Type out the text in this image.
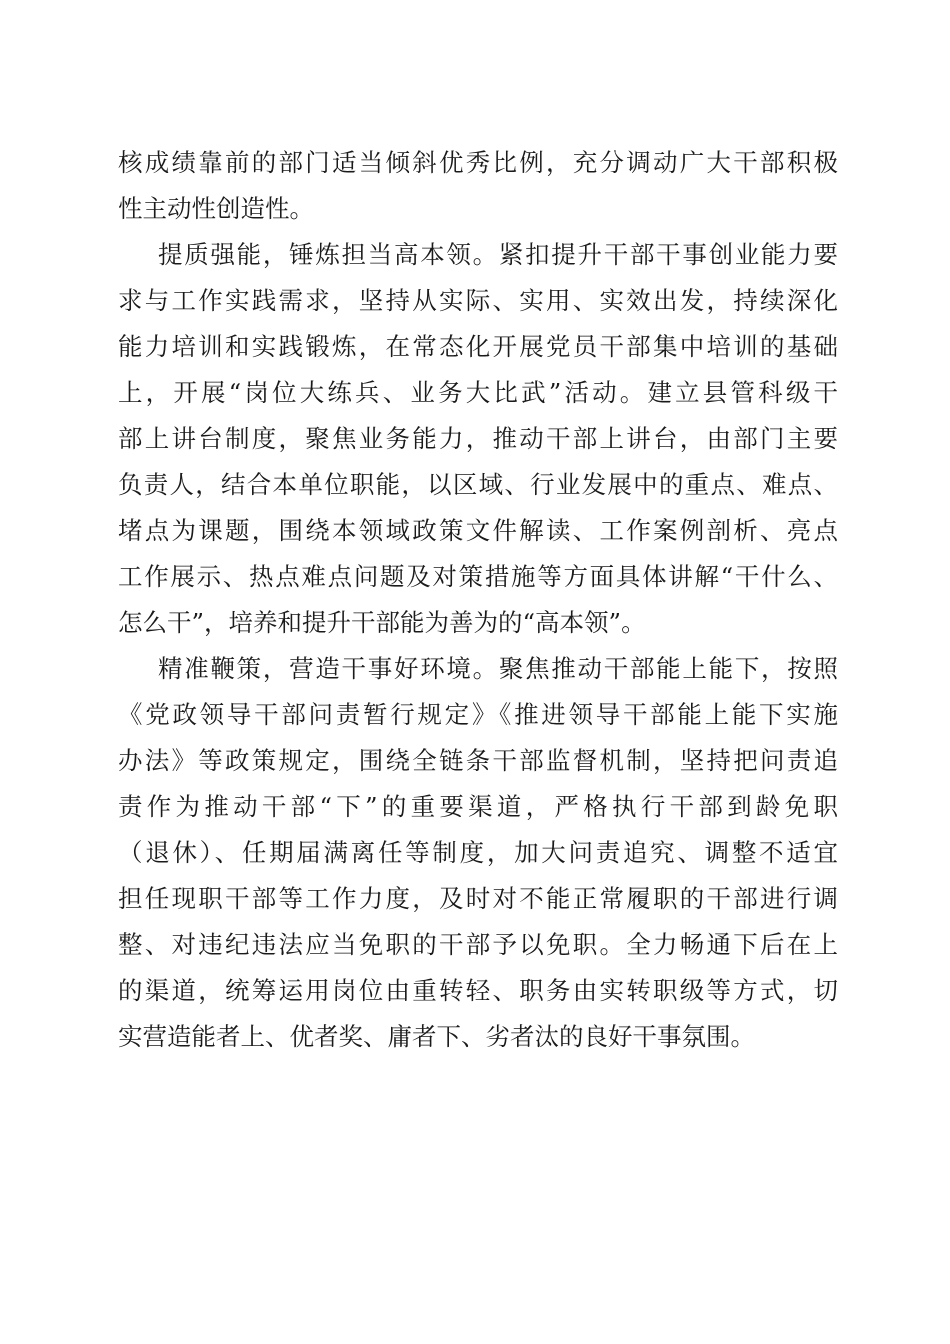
核成绩靠前的部门适当倾斜优秀比例，充分调动广大干部积极
性主动性创造性。
提质强能，锤炼担当高本领。紧扣提升干部干事创业能力要
求与工作实践需求，坚持从实际、实用、实效出发，持续深化
能力培训和实践锻炼，在常态化开展党员干部集中培训的基础
上，开展“岗位大练兵、业务大比武”活动。建立县管科级干
部上讲台制度，聚焦业务能力，推动干部上讲台，由部门主要
负责人，结合本单位职能，以区域、行业发展中的重点、难点、
堵点为课题，围绕本领域政策文件解读、工作案例剖析、亮点
工作展示、热点难点问题及对策措施等方面具体讲解“干什么、
怎么干”，培养和提升干部能为善为的“高本领”。
精准鞭策，营造干事好环境。聚焦推动干部能上能下，按照
《党政领导干部问责暂行规定》《推进领导干部能上能下实施
办法》等政策规定，围绕全链条干部监督机制，坚持把问责追
责作为推动干部“下”的重要渠道，严格执行干部到龄免职
（退休）、任期届满离任等制度，加大问责追究、调整不适宜
担任现职干部等工作力度，及时对不能正常履职的干部进行调
整、对违纪违法应当免职的干部予以免职。全力畅通下后在上
的渠道，统筹运用岗位由重转轻、职务由实转职级等方式，切
实营造能者上、优者奖、庸者下、劣者汰的良好干事氛围。
